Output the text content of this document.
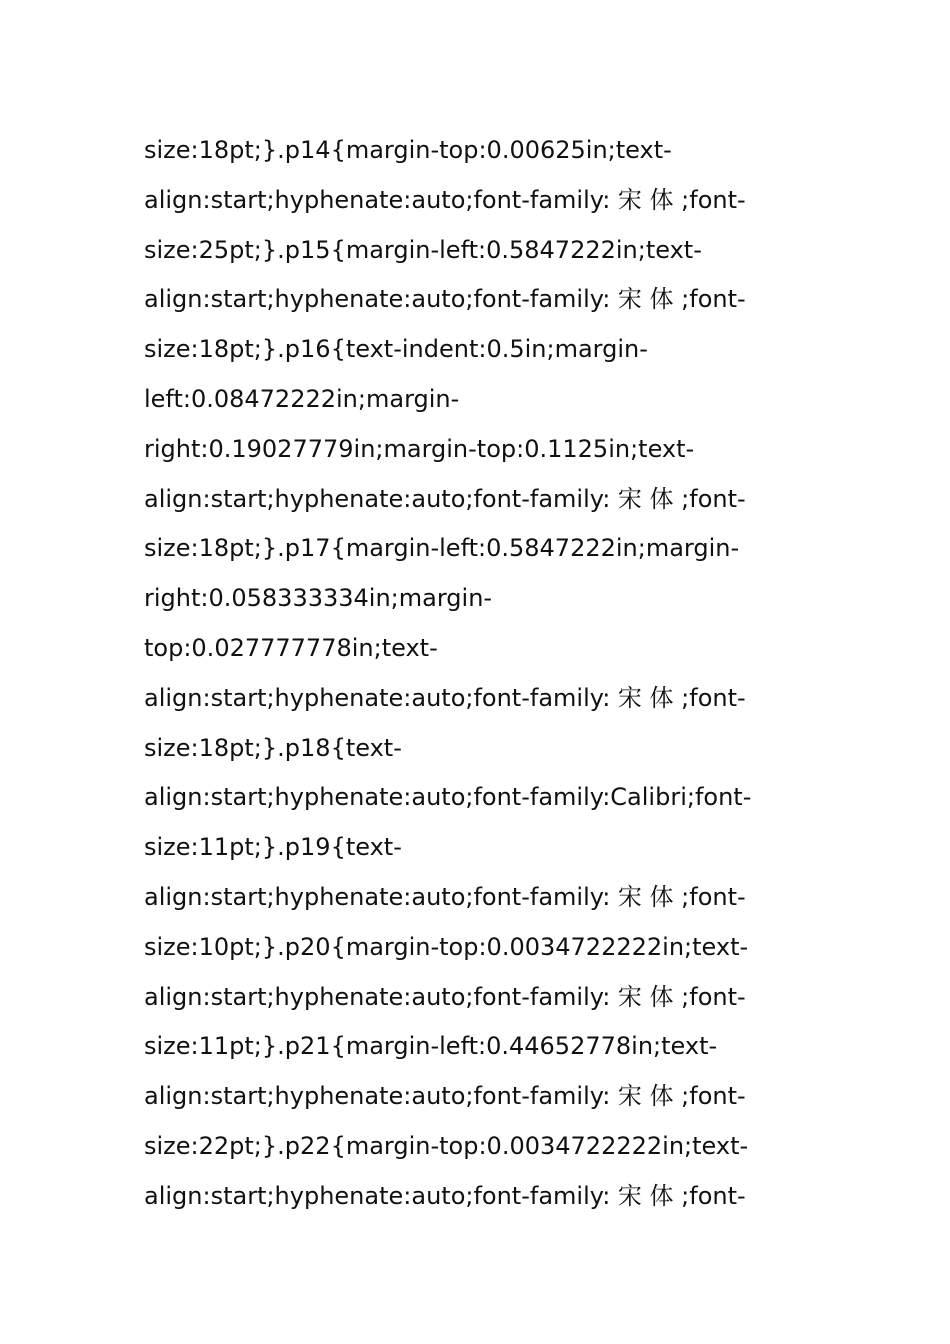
size:18pt;}.p14{margin-top:0.00625in;text-
align:start;hyphenate:auto;font-family: 宋 体 ;font-
size:25pt;}.p15{margin-left:0.5847222in;text-
align:start;hyphenate:auto;font-family: 宋 体 ;font-
size:18pt;}.p16{text-indent:0.5in;margin-
left:0.08472222in;margin-
right:0.19027779in;margin-top:0.1125in;text-
align:start;hyphenate:auto;font-family: 宋 体 ;font-
size:18pt;}.p17{margin-left:0.5847222in;margin-
right:0.058333334in;margin-
top:0.027777778in;text-
align:start;hyphenate:auto;font-family: 宋 体 ;font-
size:18pt;}.p18{text-
align:start;hyphenate:auto;font-family:Calibri;font-
size:11pt;}.p19{text-
align:start;hyphenate:auto;font-family: 宋 体 ;font-
size:10pt;}.p20{margin-top:0.0034722222in;text-
align:start;hyphenate:auto;font-family: 宋 体 ;font-
size:11pt;}.p21{margin-left:0.44652778in;text-
align:start;hyphenate:auto;font-family: 宋 体 ;font-
size:22pt;}.p22{margin-top:0.0034722222in;text-
align:start;hyphenate:auto;font-family: 宋 体 ;font-
